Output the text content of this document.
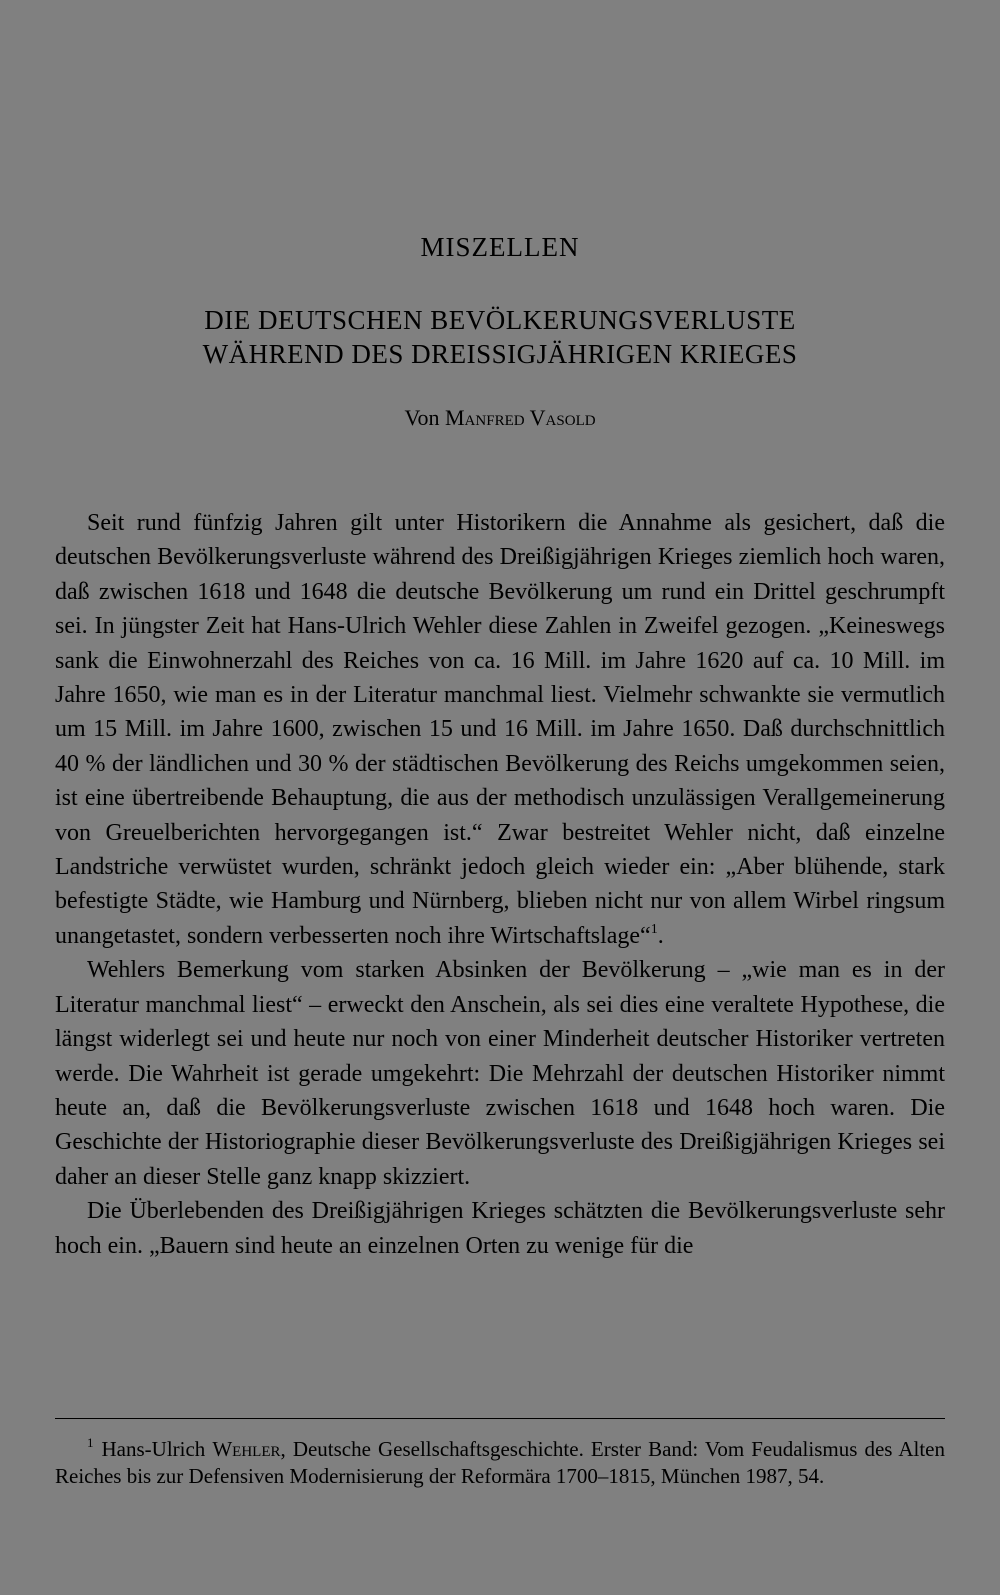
MISZELLEN
DIE DEUTSCHEN BEVÖLKERUNGSVERLUSTE
WÄHREND DES DREISSIGJÄHRIGEN KRIEGES

Von Manfred Vasold

Seit rund fünfzig Jahren gilt unter Historikern die Annahme als gesichert, daß die deutschen Bevölkerungsverluste während des Dreißigjährigen Krieges ziemlich hoch waren, daß zwischen 1618 und 1648 die deutsche Bevölkerung um rund ein Drittel geschrumpft sei. In jüngster Zeit hat Hans-Ulrich Wehler diese Zahlen in Zweifel gezogen. „Keineswegs sank die Einwohnerzahl des Reiches von ca. 16 Mill. im Jahre 1620 auf ca. 10 Mill. im Jahre 1650, wie man es in der Literatur manchmal liest. Vielmehr schwankte sie vermutlich um 15 Mill. im Jahre 1600, zwischen 15 und 16 Mill. im Jahre 1650. Daß durchschnittlich 40 % der ländlichen und 30 % der städtischen Bevölkerung des Reichs umgekommen seien, ist eine übertreibende Behauptung, die aus der methodisch unzulässigen Verallgemeinerung von Greuelberichten hervorgegangen ist.“ Zwar bestreitet Wehler nicht, daß einzelne Landstriche verwüstet wurden, schränkt jedoch gleich wieder ein: „Aber blühende, stark befestigte Städte, wie Hamburg und Nürnberg, blieben nicht nur von allem Wirbel ringsum unangetastet, sondern verbesserten noch ihre Wirtschaftslage“$^1$.

Wehlers Bemerkung vom starken Absinken der Bevölkerung – „wie man es in der Literatur manchmal liest“ – erweckt den Anschein, als sei dies eine veraltete Hypothese, die längst widerlegt sei und heute nur noch von einer Minderheit deutscher Historiker vertreten werde. Die Wahrheit ist gerade umgekehrt: Die Mehrzahl der deutschen Historiker nimmt heute an, daß die Bevölkerungsverluste zwischen 1618 und 1648 hoch waren. Die Geschichte der Historiographie dieser Bevölkerungsverluste des Dreißigjährigen Krieges sei daher an dieser Stelle ganz knapp skizziert.

Die Überlebenden des Dreißigjährigen Krieges schätzten die Bevölkerungsverluste sehr hoch ein. „Bauern sind heute an einzelnen Orten zu wenige für die

$^1$ Hans-Ulrich Wehler, Deutsche Gesellschaftsgeschichte. Erster Band: Vom Feudalismus des Alten Reiches bis zur Defensiven Modernisierung der Reformära 1700–1815, München 1987, 54.
